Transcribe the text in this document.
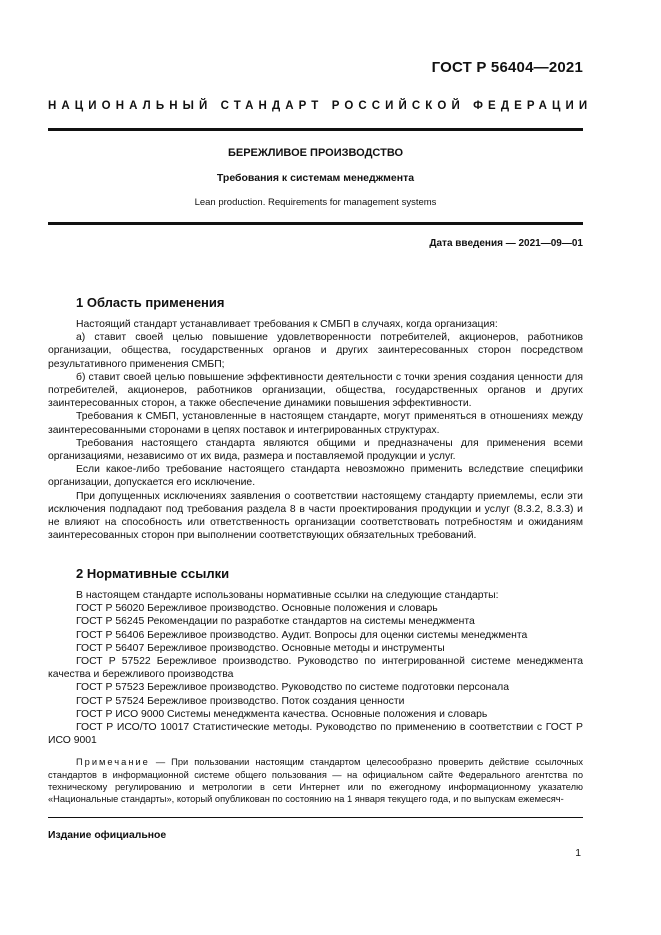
ГОСТ Р 56404—2021
НАЦИОНАЛЬНЫЙ СТАНДАРТ РОССИЙСКОЙ ФЕДЕРАЦИИ
БЕРЕЖЛИВОЕ ПРОИЗВОДСТВО
Требования к системам менеджмента
Lean production. Requirements for management systems
Дата введения — 2021—09—01
1 Область применения

Настоящий стандарт устанавливает требования к СМБП в случаях, когда организация:

а) ставит своей целью повышение удовлетворенности потребителей, акционеров, работников организации, общества, государственных органов и других заинтересованных сторон посредством результативного применения СМБП;

б) ставит своей целью повышение эффективности деятельности с точки зрения создания ценности для потребителей, акционеров, работников организации, общества, государственных органов и других заинтересованных сторон, а также обеспечение динамики повышения эффективности.

Требования к СМБП, установленные в настоящем стандарте, могут применяться в отношениях между заинтересованными сторонами в цепях поставок и интегрированных структурах.

Требования настоящего стандарта являются общими и предназначены для применения всеми организациями, независимо от их вида, размера и поставляемой продукции и услуг.

Если какое-либо требование настоящего стандарта невозможно применить вследствие специфики организации, допускается его исключение.

При допущенных исключениях заявления о соответствии настоящему стандарту приемлемы, если эти исключения подпадают под требования раздела 8 в части проектирования продукции и услуг (8.3.2, 8.3.3) и не влияют на способность или ответственность организации соответствовать потребностям и ожиданиям заинтересованных сторон при выполнении соответствующих обязательных требований.

2 Нормативные ссылки

В настоящем стандарте использованы нормативные ссылки на следующие стандарты:

ГОСТ Р 56020 Бережливое производство. Основные положения и словарь

ГОСТ Р 56245 Рекомендации по разработке стандартов на системы менеджмента

ГОСТ Р 56406 Бережливое производство. Аудит. Вопросы для оценки системы менеджмента

ГОСТ Р 56407 Бережливое производство. Основные методы и инструменты

ГОСТ Р 57522 Бережливое производство. Руководство по интегрированной системе менеджмента качества и бережливого производства

ГОСТ Р 57523 Бережливое производство. Руководство по системе подготовки персонала

ГОСТ Р 57524 Бережливое производство. Поток создания ценности

ГОСТ Р ИСО 9000 Системы менеджмента качества. Основные положения и словарь

ГОСТ Р ИСО/ТО 10017 Статистические методы. Руководство по применению в соответствии с ГОСТ Р ИСО 9001

Примечание — При пользовании настоящим стандартом целесообразно проверить действие ссылочных стандартов в информационной системе общего пользования — на официальном сайте Федерального агентства по техническому регулированию и метрологии в сети Интернет или по ежегодному информационному указателю «Национальные стандарты», который опубликован по состоянию на 1 января текущего года, и по выпускам ежемесяч-

Издание официальное
1
